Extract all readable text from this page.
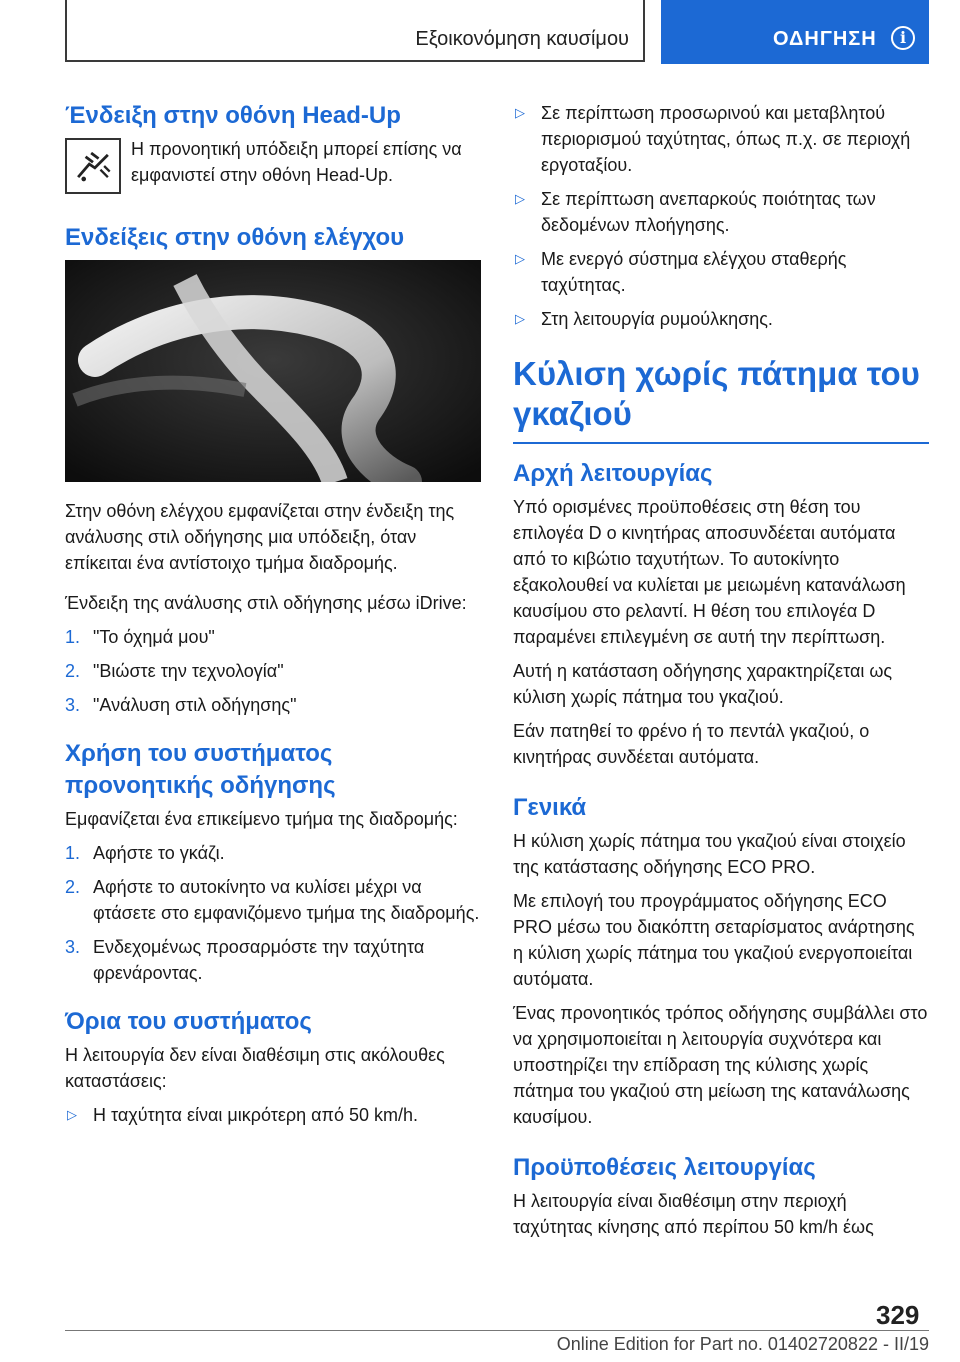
Εξοικονόμηση καυσίμου	ΟΔΗΓΗΣΗ	i
Ένδειξη στην οθόνη Head-Up

Η προνοητική υπόδειξη μπορεί επίσης να εμφανιστεί στην οθόνη Head-Up.

Ενδείξεις στην οθόνη ελέγχου

Στην οθόνη ελέγχου εμφανίζεται στην ένδειξη της ανάλυσης στιλ οδήγησης μια υπόδειξη, όταν επίκειται ένα αντίστοιχο τμήμα διαδρομής.

Ένδειξη της ανάλυσης στιλ οδήγησης μέσω iDrive:

1. "Το όχημά μου"
2. "Βιώστε την τεχνολογία"
3. "Ανάλυση στιλ οδήγησης"
Χρήση του συστήματος προνοητικής οδήγησης

Εμφανίζεται ένα επικείμενο τμήμα της διαδρομής:

1. Αφήστε το γκάζι.
2. Αφήστε το αυτοκίνητο να κυλίσει μέχρι να φτάσετε στο εμφανιζόμενο τμήμα της διαδρομής.
3. Ενδεχομένως προσαρμόστε την ταχύτητα φρενάροντας.
Όρια του συστήματος

Η λειτουργία δεν είναι διαθέσιμη στις ακόλουθες καταστάσεις:

▷ Η ταχύτητα είναι μικρότερη από 50 km/h.
▷ Σε περίπτωση προσωρινού και μεταβλητού περιορισμού ταχύτητας, όπως π.χ. σε περιοχή εργοταξίου.
▷ Σε περίπτωση ανεπαρκούς ποιότητας των δεδομένων πλοήγησης.
▷ Με ενεργό σύστημα ελέγχου σταθερής ταχύτητας.
▷ Στη λειτουργία ρυμούλκησης.
Κύλιση χωρίς πάτημα του γκαζιού
Αρχή λειτουργίας

Υπό ορισμένες προϋποθέσεις στη θέση του επιλογέα D ο κινητήρας αποσυνδέεται αυτόματα από το κιβώτιο ταχυτήτων. Το αυτοκίνητο εξακολουθεί να κυλίεται με μειωμένη κατανάλωση καυσίμου στο ρελαντί. Η θέση του επιλογέα D παραμένει επιλεγμένη σε αυτή την περίπτωση.

Αυτή η κατάσταση οδήγησης χαρακτηρίζεται ως κύλιση χωρίς πάτημα του γκαζιού.

Εάν πατηθεί το φρένο ή το πεντάλ γκαζιού, ο κινητήρας συνδέεται αυτόματα.

Γενικά

Η κύλιση χωρίς πάτημα του γκαζιού είναι στοιχείο της κατάστασης οδήγησης ECO PRO.

Με επιλογή του προγράμματος οδήγησης ECO PRO μέσω του διακόπτη σεταρίσματος ανάρτησης η κύλιση χωρίς πάτημα του γκαζιού ενεργοποιείται αυτόματα.

Ένας προνοητικός τρόπος οδήγησης συμβάλλει στο να χρησιμοποιείται η λειτουργία συχνότερα και υποστηρίζει την επίδραση της κύλισης χωρίς πάτημα του γκαζιού στη μείωση της κατανάλωσης καυσίμου.

Προϋποθέσεις λειτουργίας

Η λειτουργία είναι διαθέσιμη στην περιοχή ταχύτητας κίνησης από περίπου 50 km/h έως

329
Online Edition for Part no. 01402720822 - II/19
